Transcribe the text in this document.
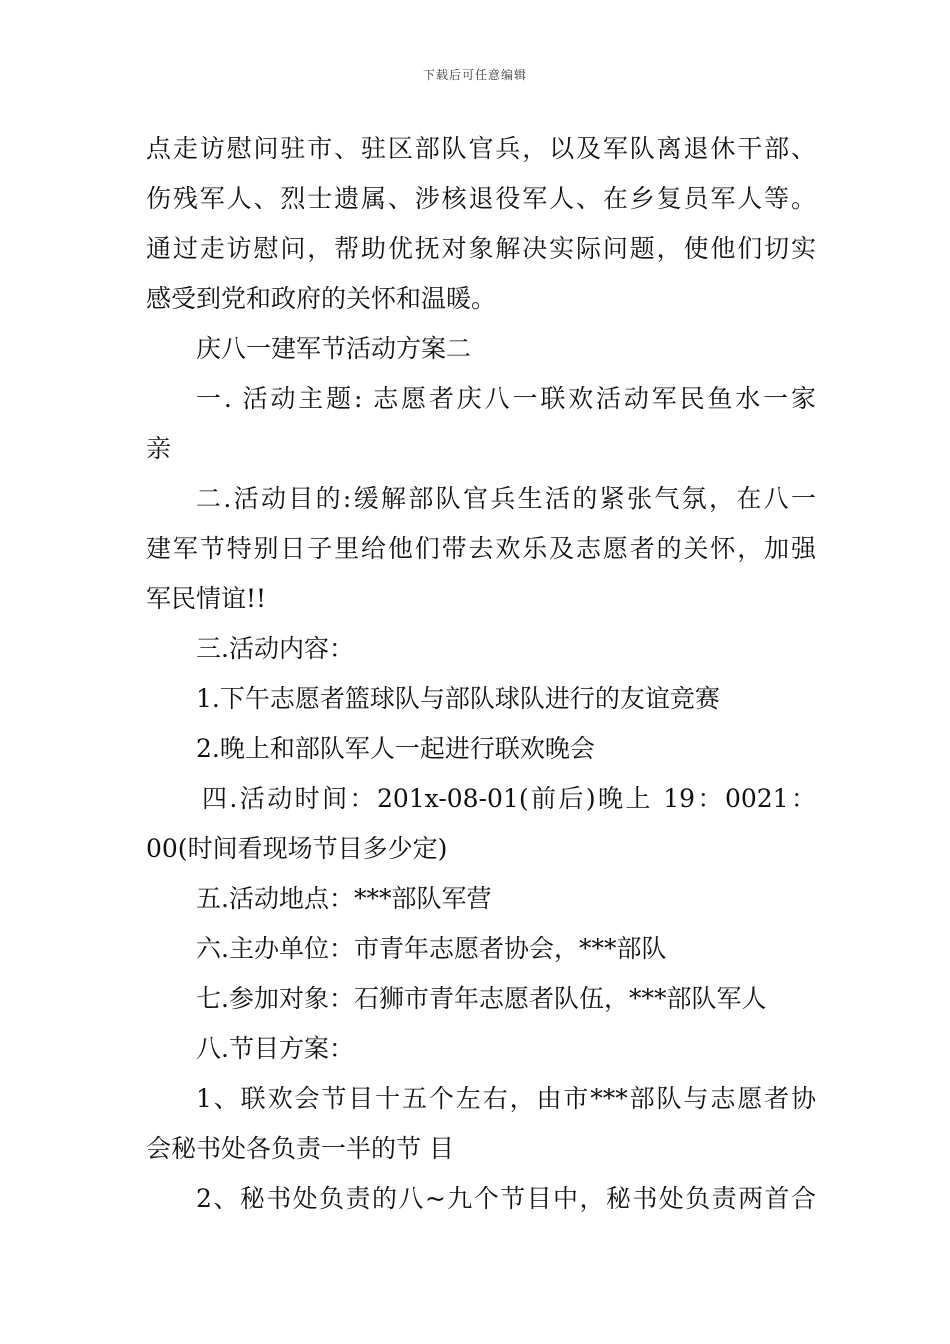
下载后可任意编辑
点走访慰问驻市、驻区部队官兵，以及军队离退休干部、
伤残军人、烈士遗属、涉核退役军人、在乡复员军人等。
通过走访慰问，帮助优抚对象解决实际问题，使他们切实
感受到党和政府的关怀和温暖。
庆八一建军节活动方案二
一. 活动主题: 志愿者庆八一联欢活动军民鱼水一家
亲
二.活动目的:缓解部队官兵生活的紧张气氛，在八一
建军节特别日子里给他们带去欢乐及志愿者的关怀，加强
军民情谊!!
三.活动内容：
1.下午志愿者篮球队与部队球队进行的友谊竞赛
2.晚上和部队军人一起进行联欢晚会
四.活动时间：201x-08-01(前后)晚上 19：0021：
00(时间看现场节目多少定)
五.活动地点：***部队军营
六.主办单位：市青年志愿者协会，***部队
七.参加对象：石狮市青年志愿者队伍，***部队军人
八.节目方案：
1、联欢会节目十五个左右，由市***部队与志愿者协
会秘书处各负责一半的节 目
2、秘书处负责的八~九个节目中，秘书处负责两首合
